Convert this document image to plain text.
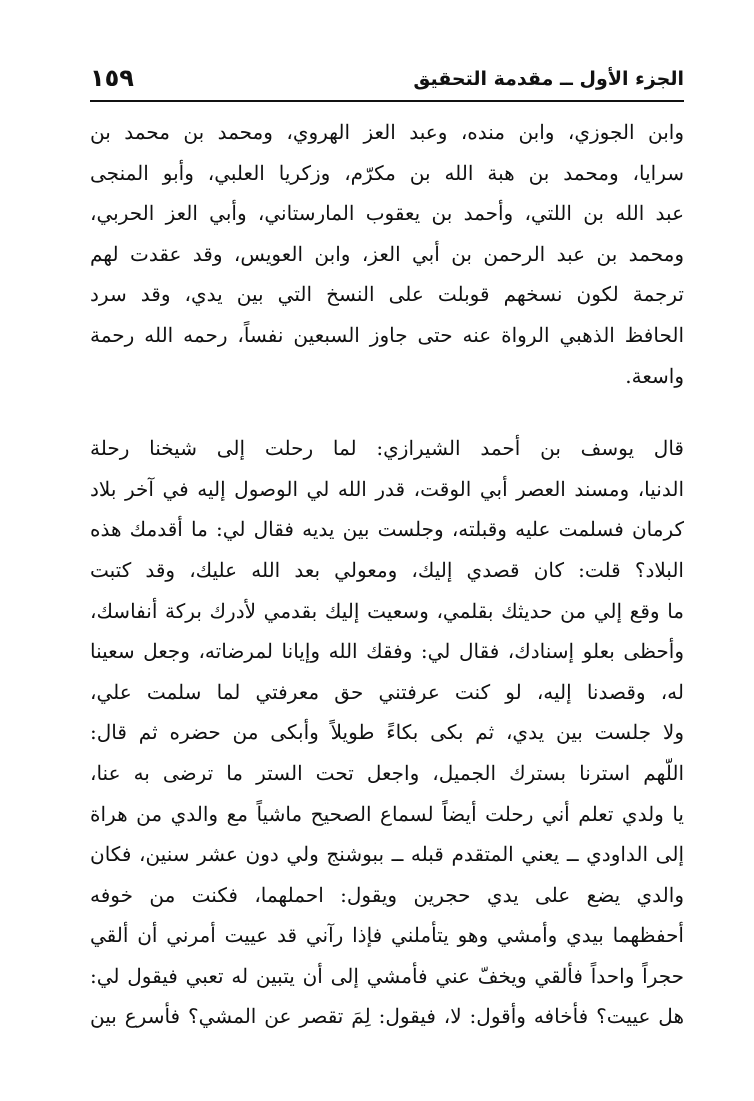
١٥٩	الجزء الأول ــ مقدمة التحقيق
وابن الجوزي، وابن منده، وعبد العز الهروي، ومحمد بن محمد بن
سرايا، ومحمد بن هبة الله بن مكرّم، وزكريا العلبي، وأبو المنجى
عبد الله بن اللتي، وأحمد بن يعقوب المارستاني، وأبي العز الحربي،
ومحمد بن عبد الرحمن بن أبي العز، وابن العويس، وقد عقدت لهم
ترجمة لكون نسخهم قوبلت على النسخ التي بين يدي، وقد سرد
الحافظ الذهبي الرواة عنه حتى جاوز السبعين نفساً، رحمه الله رحمة
واسعة.
قال يوسف بن أحمد الشيرازي: لما رحلت إلى شيخنا رحلة
الدنيا، ومسند العصر أبي الوقت، قدر الله لي الوصول إليه في آخر بلاد
كرمان فسلمت عليه وقبلته، وجلست بين يديه فقال لي: ما أقدمك هذه
البلاد؟ قلت: كان قصدي إليك، ومعولي بعد الله عليك، وقد كتبت
ما وقع إلي من حديثك بقلمي، وسعيت إليك بقدمي لأدرك بركة أنفاسك،
وأحظى بعلو إسنادك، فقال لي: وفقك الله وإيانا لمرضاته، وجعل سعينا
له، وقصدنا إليه، لو كنت عرفتني حق معرفتي لما سلمت علي،
ولا جلست بين يدي، ثم بكى بكاءً طويلاً وأبكى من حضره ثم قال:
اللّهم استرنا بسترك الجميل، واجعل تحت الستر ما ترضى به عنا،
يا ولدي تعلم أني رحلت أيضاً لسماع الصحيح ماشياً مع والدي من هراة
إلى الداودي ــ يعني المتقدم قبله ــ ببوشنج ولي دون عشر سنين، فكان
والدي يضع على يدي حجرين ويقول: احملهما، فكنت من خوفه
أحفظهما بيدي وأمشي وهو يتأملني فإذا رآني قد عييت أمرني أن ألقي
حجراً واحداً فألقي ويخفّ عني فأمشي إلى أن يتبين له تعبي فيقول لي:
هل عييت؟ فأخافه وأقول: لا، فيقول: لِمَ تقصر عن المشي؟ فأسرع بين
